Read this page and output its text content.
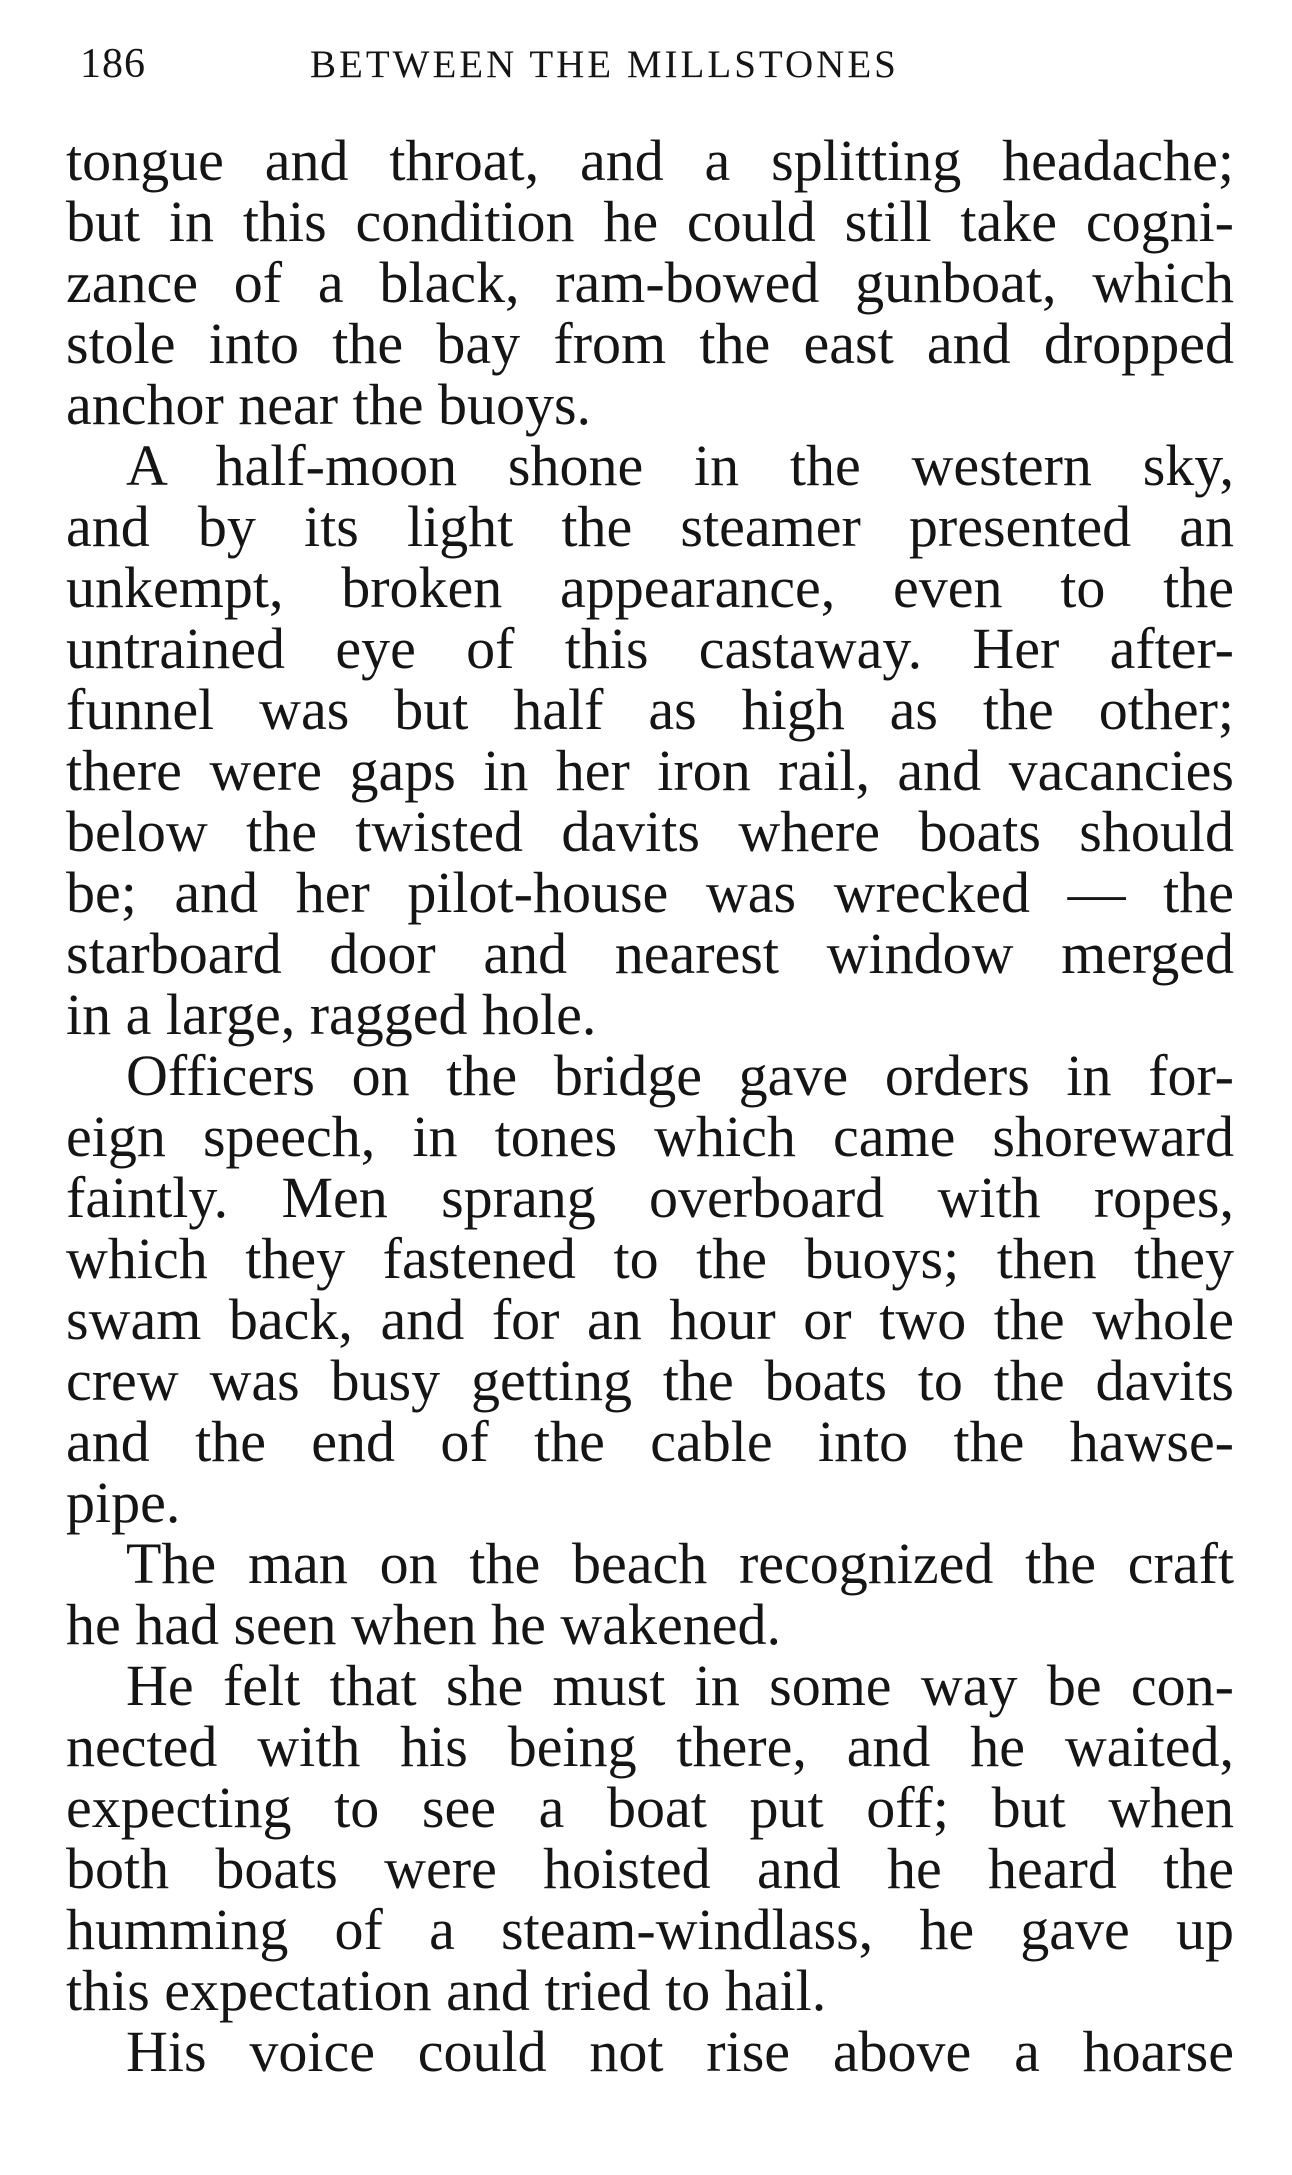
186	BETWEEN THE MILLSTONES
tongue and throat, and a splitting headache;
but in this condition he could still take cogni-
zance of a black, ram-bowed gunboat, which
stole into the bay from the east and dropped
anchor near the buoys.
A half-moon shone in the western sky,
and by its light the steamer presented an
unkempt, broken appearance, even to the
untrained eye of this castaway. Her after-
funnel was but half as high as the other;
there were gaps in her iron rail, and vacancies
below the twisted davits where boats should
be; and her pilot-house was wrecked — the
starboard door and nearest window merged
in a large, ragged hole.
Officers on the bridge gave orders in for-
eign speech, in tones which came shoreward
faintly. Men sprang overboard with ropes,
which they fastened to the buoys; then they
swam back, and for an hour or two the whole
crew was busy getting the boats to the davits
and the end of the cable into the hawse-
pipe.
The man on the beach recognized the craft
he had seen when he wakened.
He felt that she must in some way be con-
nected with his being there, and he waited,
expecting to see a boat put off; but when
both boats were hoisted and he heard the
humming of a steam-windlass, he gave up
this expectation and tried to hail.
His voice could not rise above a hoarse
